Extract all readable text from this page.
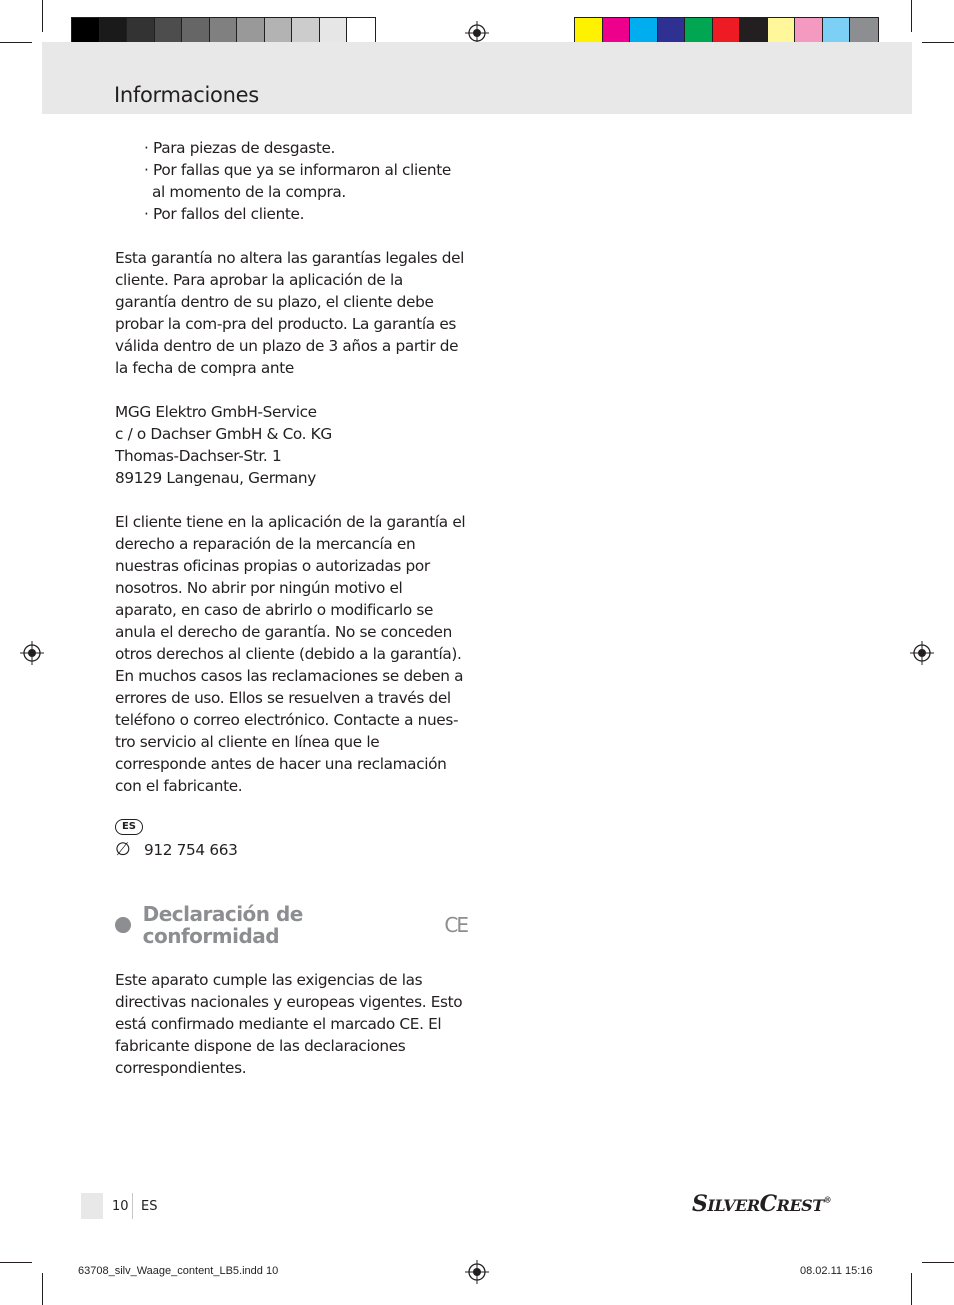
Informaciones
· Para piezas de desgaste.
· Por fallas que ya se informaron al cliente al momento de la compra.
· Por fallos del cliente.

Esta garantía no altera las garantías legales del cliente. Para aprobar la aplicación de la garantía dentro de su plazo, el cliente debe probar la com-pra del producto. La garantía es válida dentro de un plazo de 3 años a partir de la fecha de compra ante

MGG Elektro GmbH-Service
c / o Dachser GmbH & Co. KG
Thomas-Dachser-Str. 1
89129 Langenau, Germany

El cliente tiene en la aplicación de la garantía el derecho a reparación de la mercancía en nuestras oficinas propias o autorizadas por nosotros. No abrir por ningún motivo el aparato, en caso de abrirlo o modificarlo se anula el derecho de garantía. No se conceden otros derechos al cliente (debido a la garantía). En muchos casos las reclamaciones se deben a errores de uso. Ellos se resuelven a través del teléfono o correo electrónico. Contacte a nues-tro servicio al cliente en línea que le corresponde antes de hacer una reclamación con el fabricante.

ES
∅ 912 754 663
Declaración de conformidad	CE

Este aparato cumple las exigencias de las directivas nacionales y europeas vigentes. Esto está confirmado mediante el marcado CE. El fabricante dispone de las declaraciones correspondientes.

10 ES	SILVERCREST®
63708_silv_Waage_content_LB5.indd 10	08.02.11 15:16
